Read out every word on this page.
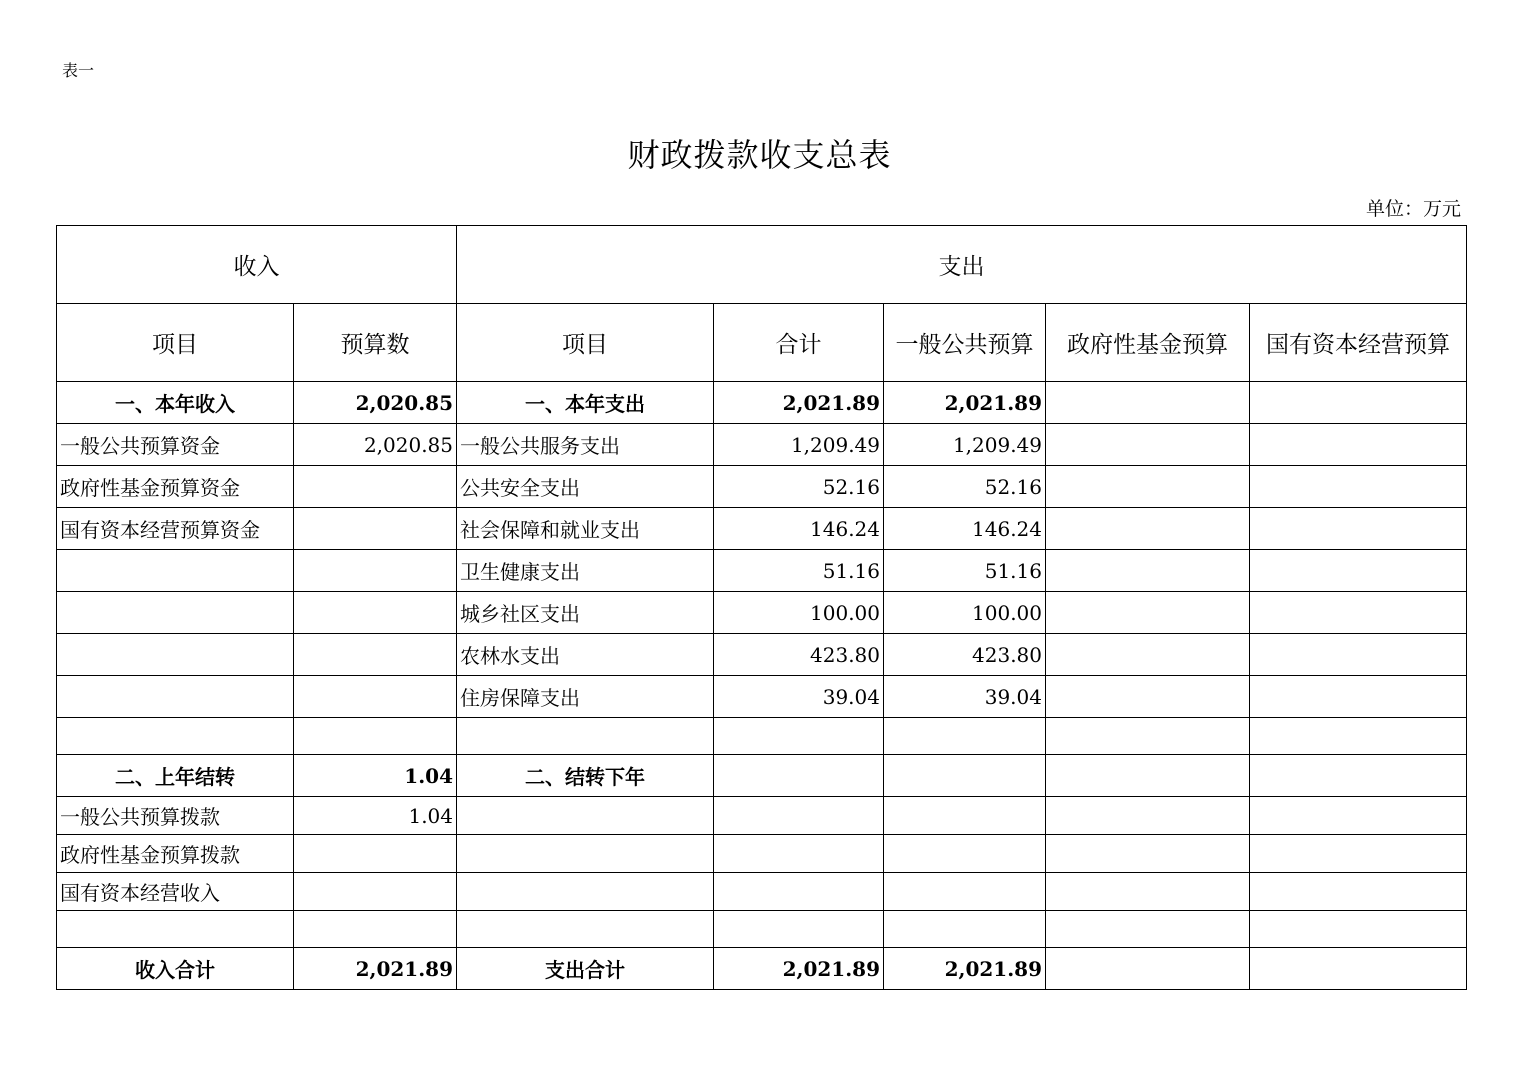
表一
财政拨款收支总表
单位：万元
收入		支出				
项目	预算数	项目	合计	一般公共预算	政府性基金预算	国有资本经营预算
一、本年收入	2,020.85	一、本年支出	2,021.89	2,021.89		
一般公共预算资金	2,020.85	一般公共服务支出	1,209.49	1,209.49		
政府性基金预算资金		公共安全支出	52.16	52.16		
国有资本经营预算资金		社会保障和就业支出	146.24	146.24		
		卫生健康支出	51.16	51.16		
		城乡社区支出	100.00	100.00		
		农林水支出	423.80	423.80		
		住房保障支出	39.04	39.04		

二、上年结转	1.04	二、结转下年				
一般公共预算拨款	1.04					
政府性基金预算拨款						
国有资本经营收入						

收入合计	2,021.89	支出合计	2,021.89	2,021.89		
